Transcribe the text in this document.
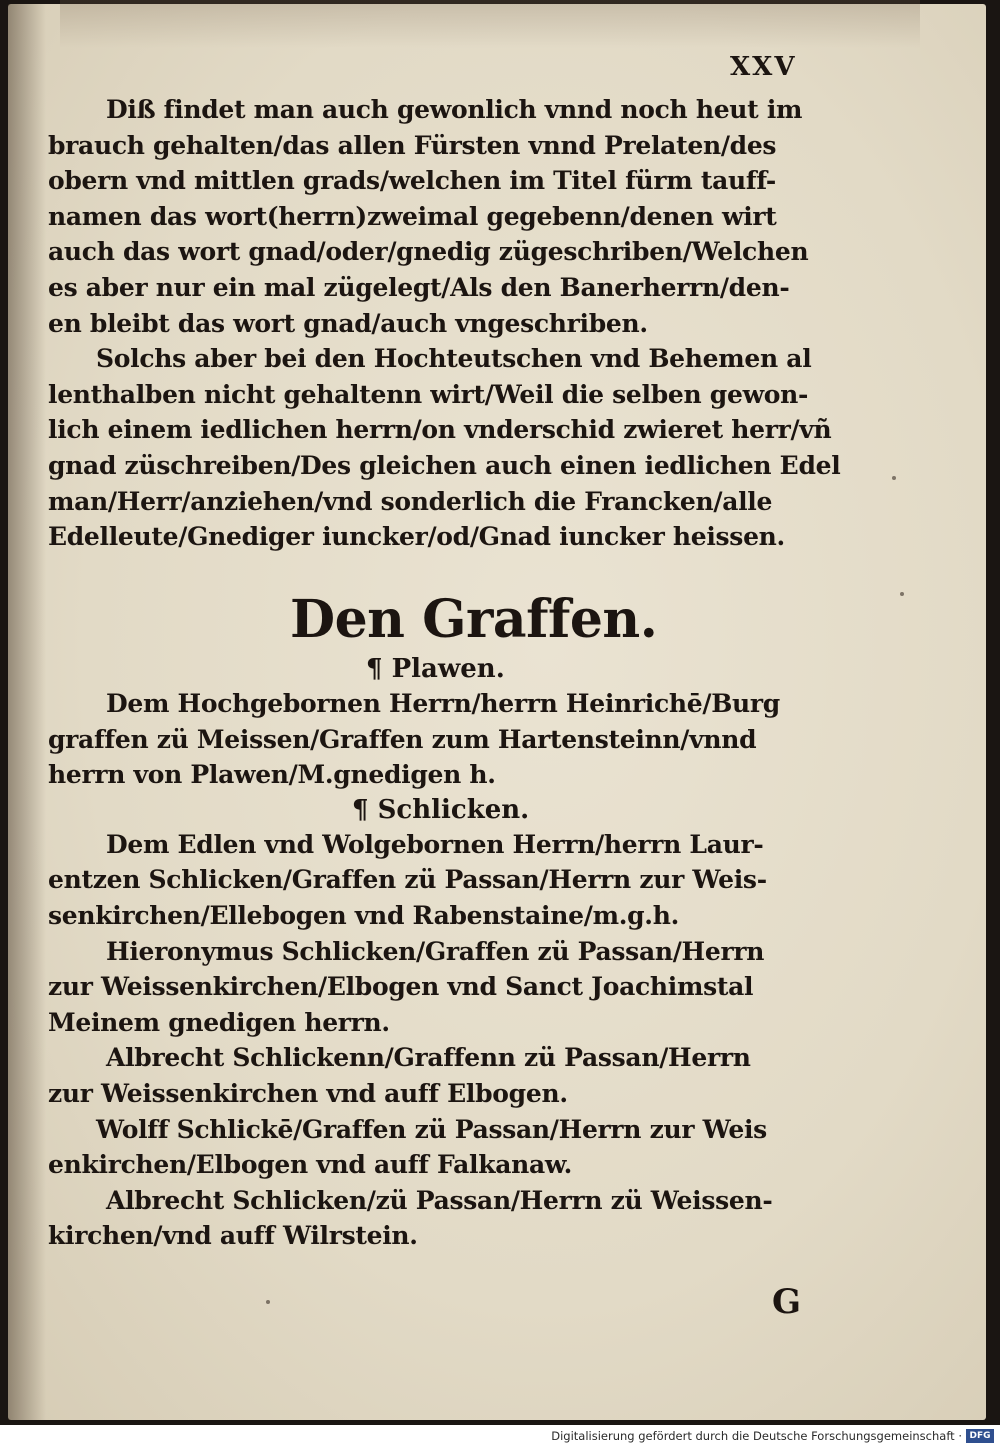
XXV
Diß findet man auch gewonlich vnnd noch heut im
brauch gehalten/das allen Fürsten vnnd Prelaten/des
obern vnd mittlen grads/welchen im Titel fürm tauff-
namen das wort(herrn)zweimal gegebenn/denen wirt
auch das wort gnad/oder/gnedig zügeschriben/Welchen
es aber nur ein mal zügelegt/Als den Banerherrn/den-
en bleibt das wort gnad/auch vngeschriben.
Solchs aber bei den Hochteutschen vnd Behemen al
lenthalben nicht gehaltenn wirt/Weil die selben gewon-
lich einem iedlichen herrn/on vnderschid zwieret herr/vñ
gnad züschreiben/Des gleichen auch einen iedlichen Edel
man/Herr/anziehen/vnd sonderlich die Francken/alle
Edelleute/Gnediger iuncker/od/Gnad iuncker heissen.
Den Graffen.
¶ Plawen.
Dem Hochgebornen Herrn/herrn Heinrichē/Burg
graffen zü Meissen/Graffen zum Hartensteinn/vnnd
herrn von Plawen/M.gnedigen h.
¶ Schlicken.
Dem Edlen vnd Wolgebornen Herrn/herrn Laur-
entzen Schlicken/Graffen zü Passan/Herrn zur Weis-
senkirchen/Ellebogen vnd Rabenstaine/m.g.h.
Hieronymus Schlicken/Graffen zü Passan/Herrn
zur Weissenkirchen/Elbogen vnd Sanct Joachimstal
Meinem gnedigen herrn.
Albrecht Schlickenn/Graffenn zü Passan/Herrn
zur Weissenkirchen vnd auff Elbogen.
Wolff Schlickē/Graffen zü Passan/Herrn zur Weis
enkirchen/Elbogen vnd auff Falkanaw.
Albrecht Schlicken/zü Passan/Herrn zü Weissen-
kirchen/vnd auff Wilrstein.
G
Digitalisierung gefördert durch die Deutsche Forschungsgemeinschaft · DFG
